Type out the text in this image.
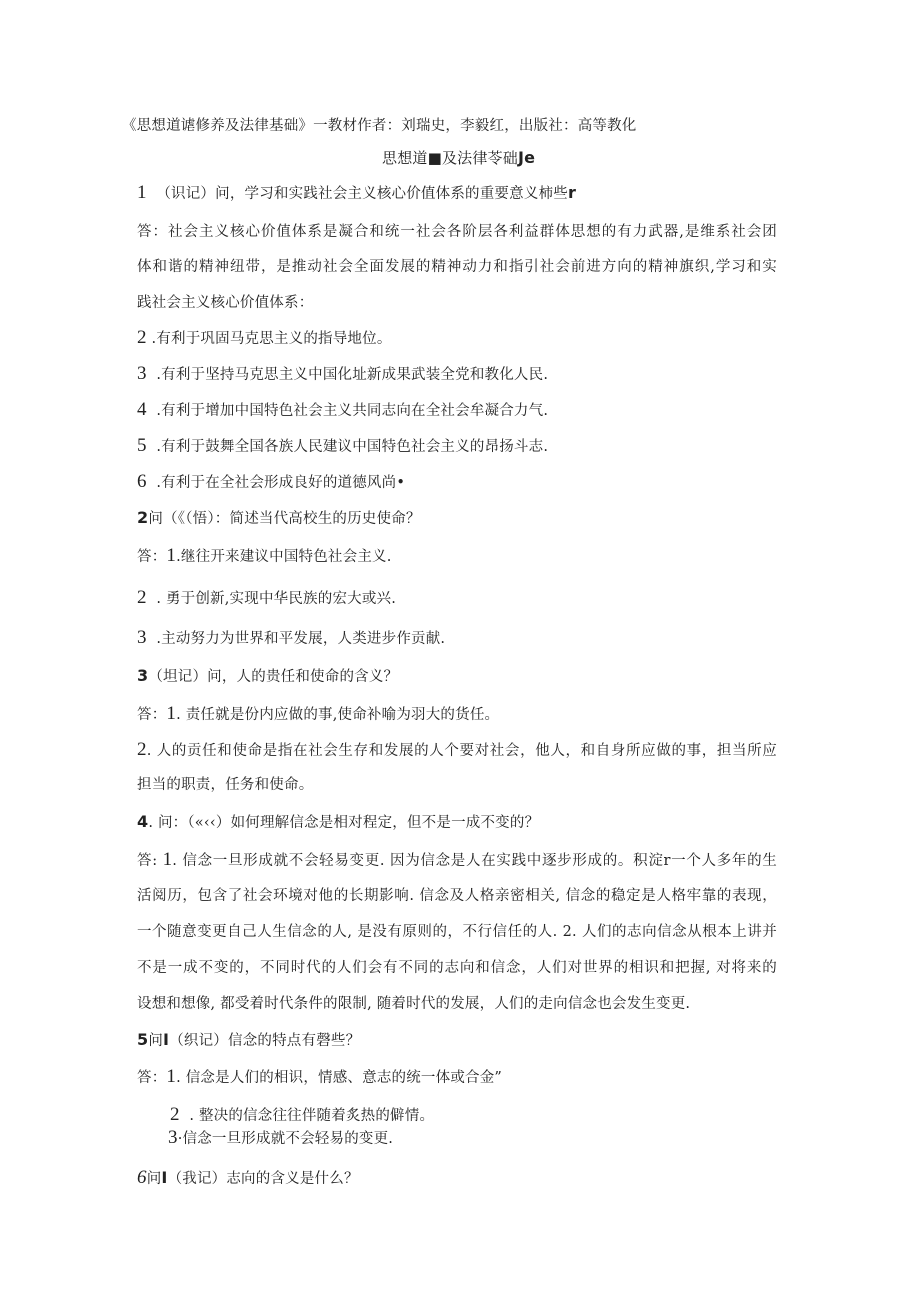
《思想道谑修养及法律基础》一教材作者：刘瑞史，李毅红，出版社：高等教化
思想道■及法律苓础Je
1 （识记）问，学习和实践社会主义核心价值体系的重要意义柿些r
答：社会主义核心价值体系是凝合和统一社会各阶层各利益群体思想的有力武器,是维系社会团
体和谐的精神纽带，是推动社会全面发展的精神动力和指引社会前进方向的精神旗织,学习和实
践社会主义核心价值体系：
2 .有利于巩固马克思主义的指导地位。
3 .有利于坚持马克思主义中国化址新成果武装全党和教化人民.
4 .有利于增加中国特色社会主义共同志向在全社会牟凝合力气.
5 .有利于鼓舞全国各族人民建议中国特色社会主义的昂扬斗志.
6 .有利于在全社会形成良好的道德风尚•
2问（《（悟）：简述当代高校生的历史使命？
答：1.继往开来建议中国特色社会主义.
2 . 勇于创新,实现中华民族的宏大或兴.
3 .主动努力为世界和平发展，人类进步作贡献.
3（坦记）问，人的贵任和使命的含义？
答：1. 责任就是份内应做的事,使命补喻为羽大的货任。
2. 人的贡任和使命是指在社会生存和发展的人个要对社会，他人，和自身所应做的事，担当所应
担当的职责，任务和使命。
4. 问：（«‹‹）如何理解信念是相对程定，但不是一成不变的？
答: 1. 信念一旦形成就不会轻易变更. 因为信念是人在实践中逐步形成的。积淀r一个人多年的生
活阅历，包含了社会环境对他的长期影响. 信念及人格亲密相关, 信念的稳定是人格牢靠的表现，
一个随意变更自己人生信念的人, 是没有原则的，不行信任的人. 2. 人们的志向信念从根本上讲并
不是一成不变的，不同时代的人们会有不同的志向和信念，人们对世界的相识和把握, 对将来的
设想和想像, 都受着时代条件的限制, 随着时代的发展，人们的走向信念也会发生变更.
5问I（织记）信念的特点有磬些？
答：1. 信念是人们的相识，情感、意志的统一体或合金”
2 . 整决的信念往往伴随着炙热的僻情。
3·信念一旦形成就不会轻易的变更.
6问I（我记）志向的含义是什么？
